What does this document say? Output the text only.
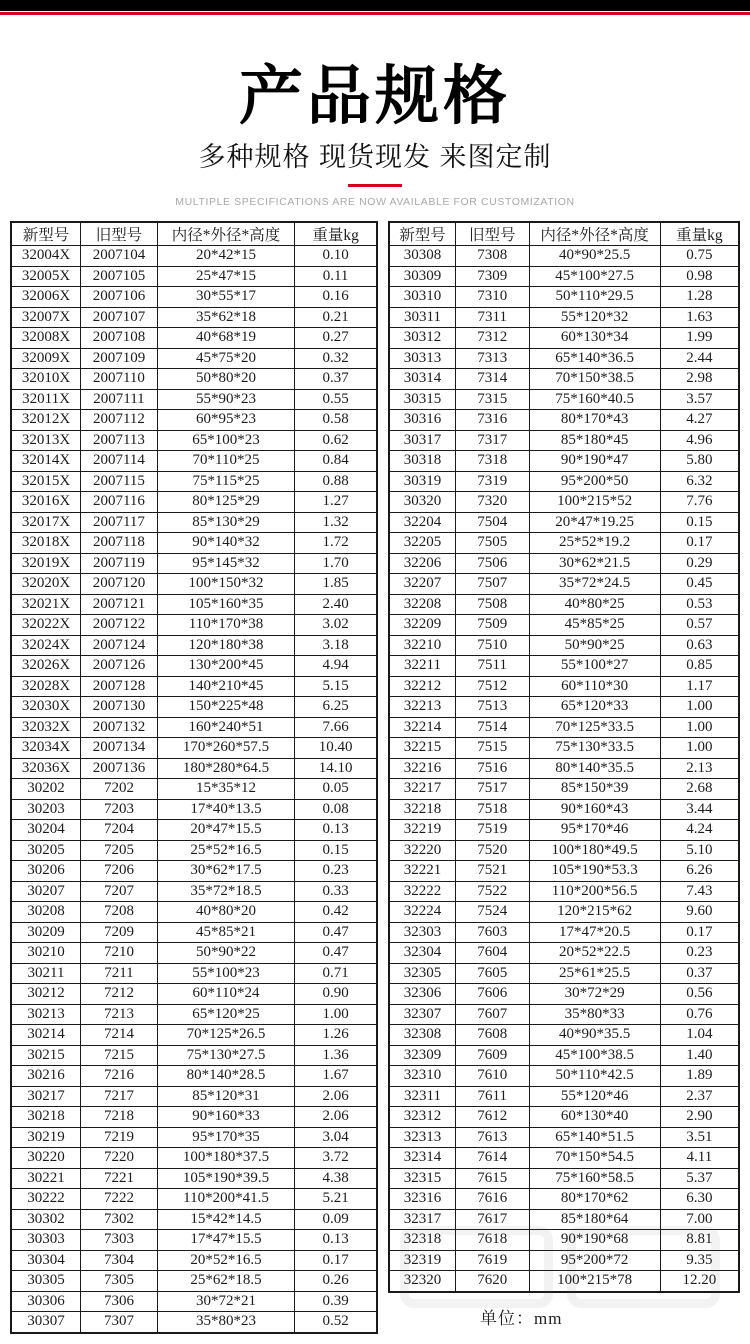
产品规格
多种规格 现货现发 来图定制
MULTIPLE SPECIFICATIONS ARE NOW AVAILABLE FOR CUSTOMIZATION
新型号	旧型号	内径*外径*高度	重量kg
32004X	2007104	20*42*15	0.10
32005X	2007105	25*47*15	0.11
32006X	2007106	30*55*17	0.16
32007X	2007107	35*62*18	0.21
32008X	2007108	40*68*19	0.27
32009X	2007109	45*75*20	0.32
32010X	2007110	50*80*20	0.37
32011X	2007111	55*90*23	0.55
32012X	2007112	60*95*23	0.58
32013X	2007113	65*100*23	0.62
32014X	2007114	70*110*25	0.84
32015X	2007115	75*115*25	0.88
32016X	2007116	80*125*29	1.27
32017X	2007117	85*130*29	1.32
32018X	2007118	90*140*32	1.72
32019X	2007119	95*145*32	1.70
32020X	2007120	100*150*32	1.85
32021X	2007121	105*160*35	2.40
32022X	2007122	110*170*38	3.02
32024X	2007124	120*180*38	3.18
32026X	2007126	130*200*45	4.94
32028X	2007128	140*210*45	5.15
32030X	2007130	150*225*48	6.25
32032X	2007132	160*240*51	7.66
32034X	2007134	170*260*57.5	10.40
32036X	2007136	180*280*64.5	14.10
30202	7202	15*35*12	0.05
30203	7203	17*40*13.5	0.08
30204	7204	20*47*15.5	0.13
30205	7205	25*52*16.5	0.15
30206	7206	30*62*17.5	0.23
30207	7207	35*72*18.5	0.33
30208	7208	40*80*20	0.42
30209	7209	45*85*21	0.47
30210	7210	50*90*22	0.47
30211	7211	55*100*23	0.71
30212	7212	60*110*24	0.90
30213	7213	65*120*25	1.00
30214	7214	70*125*26.5	1.26
30215	7215	75*130*27.5	1.36
30216	7216	80*140*28.5	1.67
30217	7217	85*120*31	2.06
30218	7218	90*160*33	2.06
30219	7219	95*170*35	3.04
30220	7220	100*180*37.5	3.72
30221	7221	105*190*39.5	4.38
30222	7222	110*200*41.5	5.21
30302	7302	15*42*14.5	0.09
30303	7303	17*47*15.5	0.13
30304	7304	20*52*16.5	0.17
30305	7305	25*62*18.5	0.26
30306	7306	30*72*21	0.39
30307	7307	35*80*23	0.52
新型号	旧型号	内径*外径*高度	重量kg
30308	7308	40*90*25.5	0.75
30309	7309	45*100*27.5	0.98
30310	7310	50*110*29.5	1.28
30311	7311	55*120*32	1.63
30312	7312	60*130*34	1.99
30313	7313	65*140*36.5	2.44
30314	7314	70*150*38.5	2.98
30315	7315	75*160*40.5	3.57
30316	7316	80*170*43	4.27
30317	7317	85*180*45	4.96
30318	7318	90*190*47	5.80
30319	7319	95*200*50	6.32
30320	7320	100*215*52	7.76
32204	7504	20*47*19.25	0.15
32205	7505	25*52*19.2	0.17
32206	7506	30*62*21.5	0.29
32207	7507	35*72*24.5	0.45
32208	7508	40*80*25	0.53
32209	7509	45*85*25	0.57
32210	7510	50*90*25	0.63
32211	7511	55*100*27	0.85
32212	7512	60*110*30	1.17
32213	7513	65*120*33	1.00
32214	7514	70*125*33.5	1.00
32215	7515	75*130*33.5	1.00
32216	7516	80*140*35.5	2.13
32217	7517	85*150*39	2.68
32218	7518	90*160*43	3.44
32219	7519	95*170*46	4.24
32220	7520	100*180*49.5	5.10
32221	7521	105*190*53.3	6.26
32222	7522	110*200*56.5	7.43
32224	7524	120*215*62	9.60
32303	7603	17*47*20.5	0.17
32304	7604	20*52*22.5	0.23
32305	7605	25*61*25.5	0.37
32306	7606	30*72*29	0.56
32307	7607	35*80*33	0.76
32308	7608	40*90*35.5	1.04
32309	7609	45*100*38.5	1.40
32310	7610	50*110*42.5	1.89
32311	7611	55*120*46	2.37
32312	7612	60*130*40	2.90
32313	7613	65*140*51.5	3.51
32314	7614	70*150*54.5	4.11
32315	7615	75*160*58.5	5.37
32316	7616	80*170*62	6.30
32317	7617	85*180*64	7.00
32318	7618	90*190*68	8.81
32319	7619	95*200*72	9.35
32320	7620	100*215*78	12.20
单位：mm
